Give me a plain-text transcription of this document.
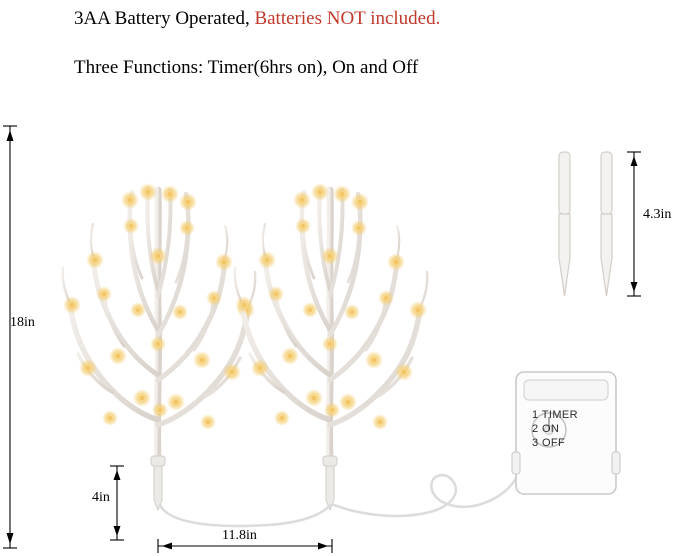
3AA Battery Operated, Batteries NOT included.
Three Functions: Timer(6hrs on), On and Off
18in
4in
11.8in
4.3in
1 TIMER
2 ON
3 OFF
